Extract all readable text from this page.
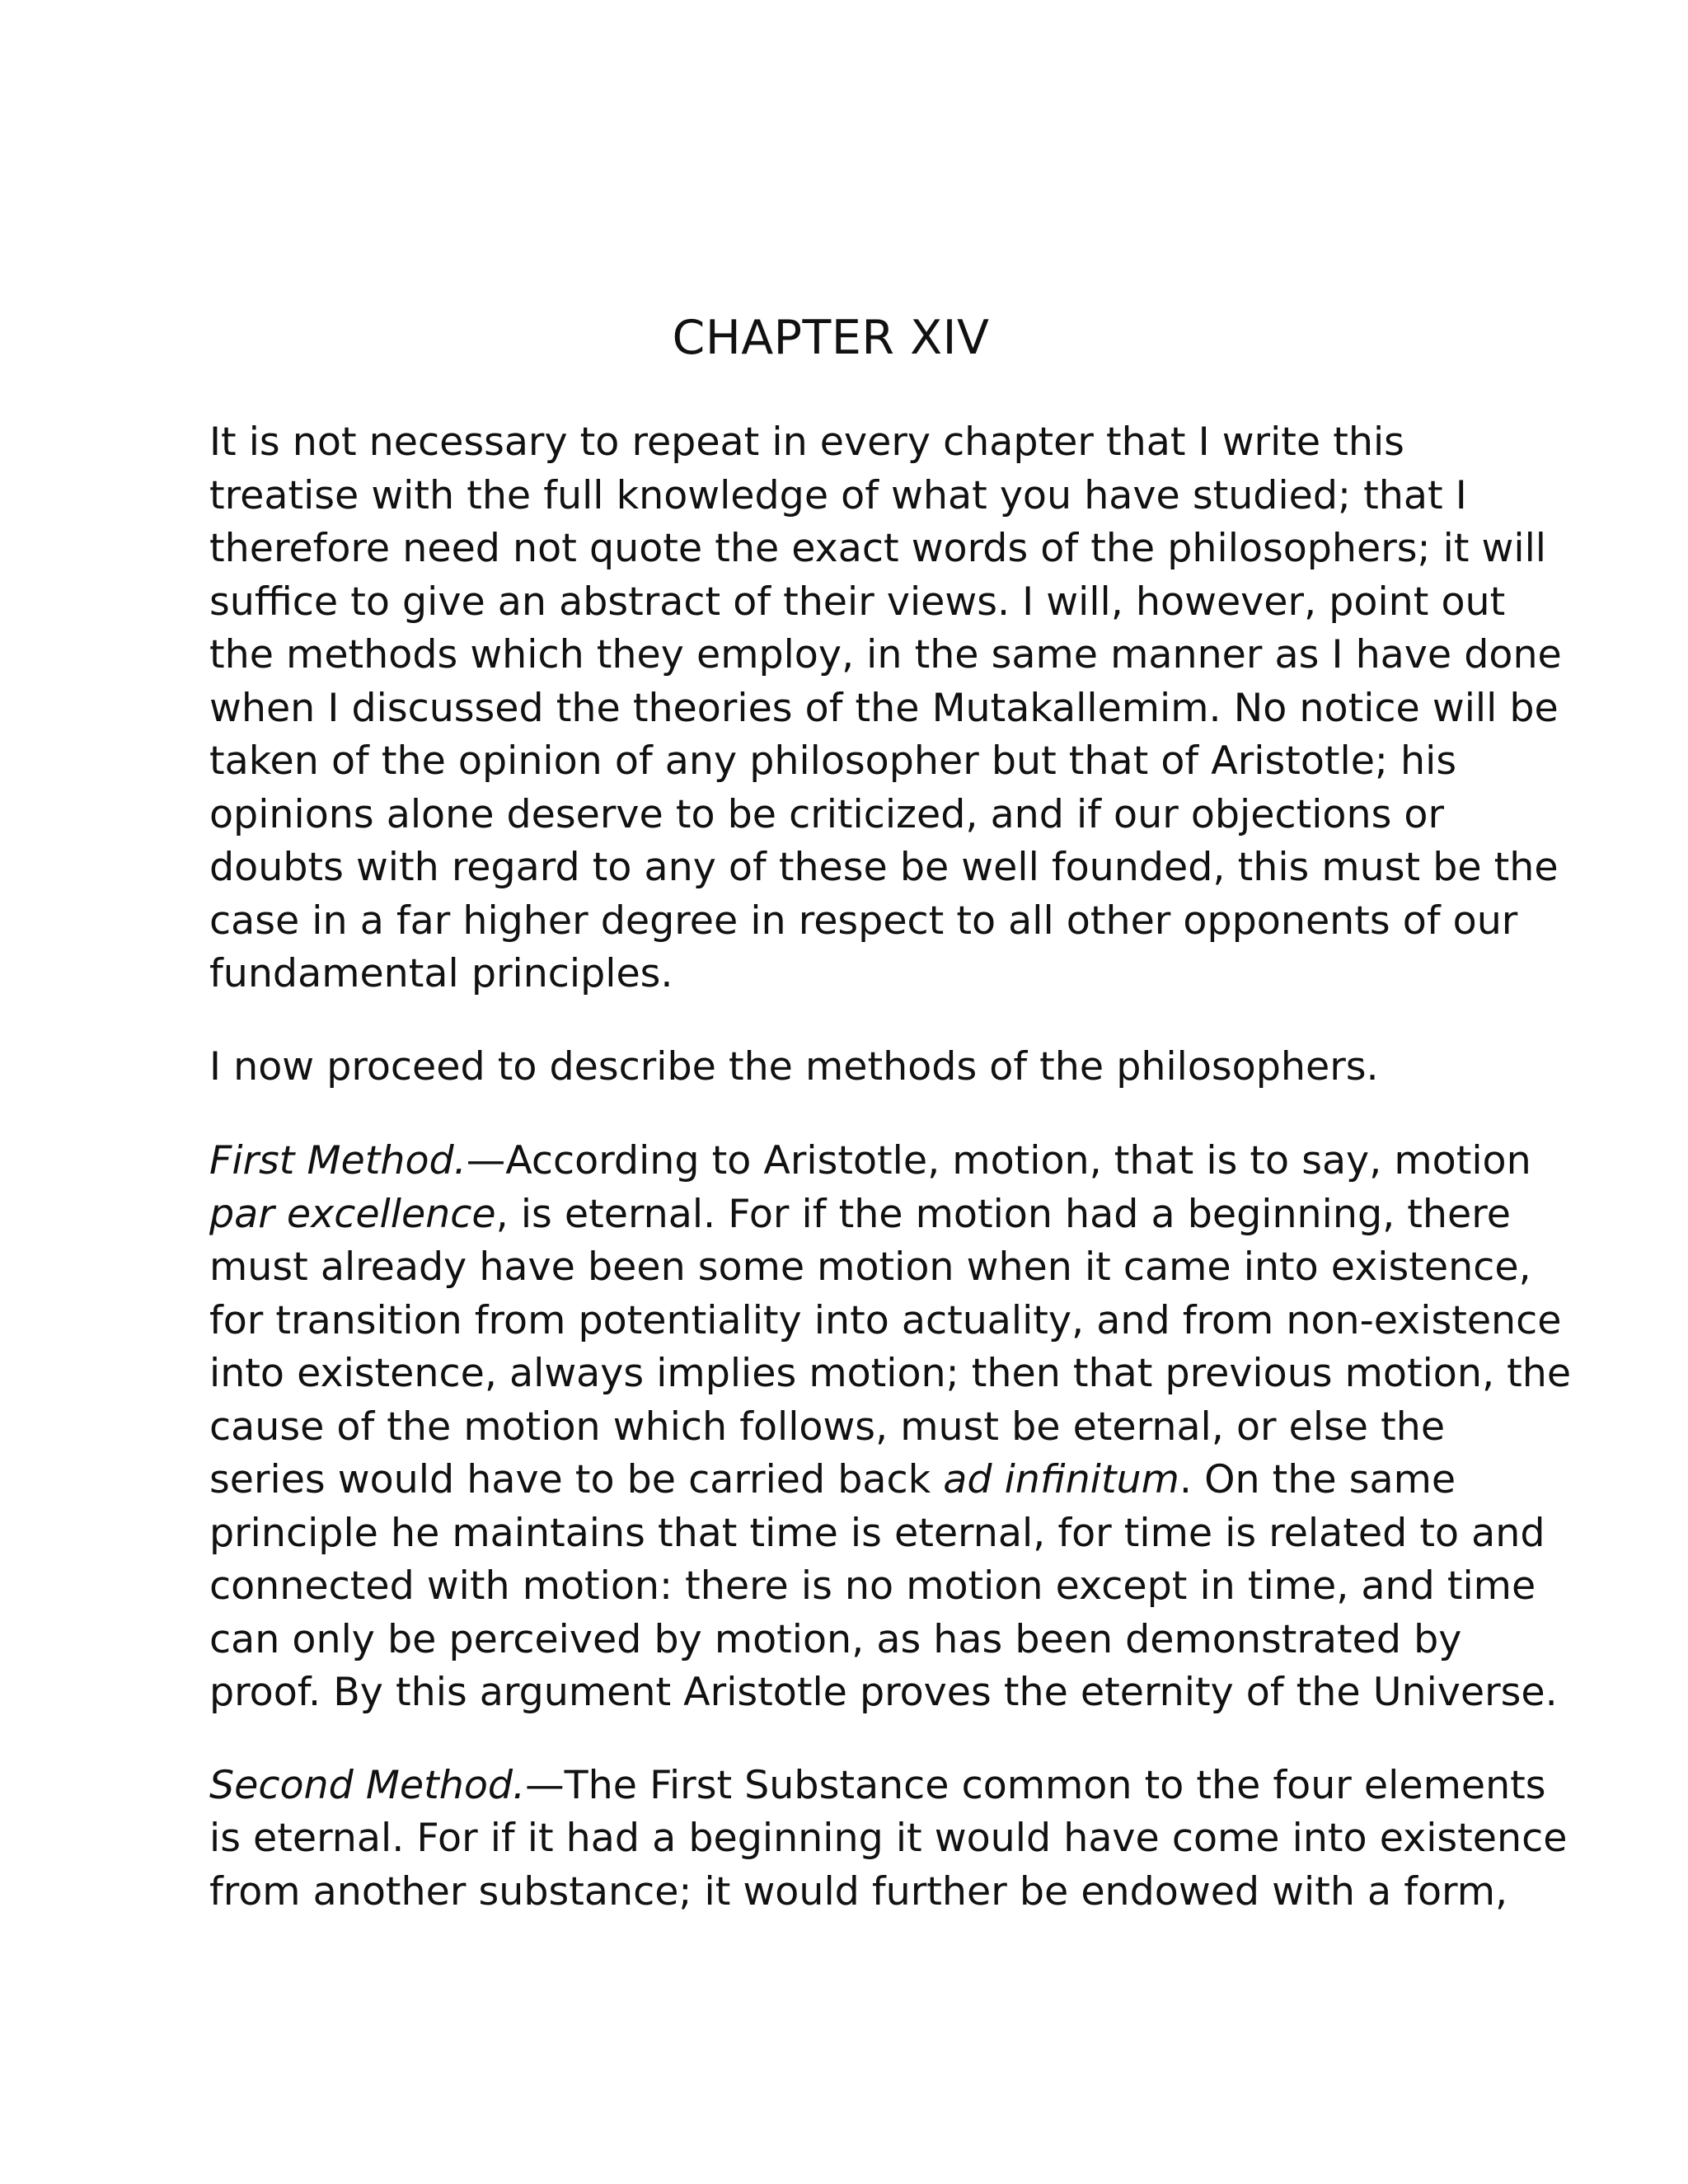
CHAPTER XIV

It is not necessary to repeat in every chapter that I write this
treatise with the full knowledge of what you have studied; that I
therefore need not quote the exact words of the philosophers; it will
suffice to give an abstract of their views. I will, however, point out
the methods which they employ, in the same manner as I have done
when I discussed the theories of the Mutakallemim. No notice will be
taken of the opinion of any philosopher but that of Aristotle; his
opinions alone deserve to be criticized, and if our objections or
doubts with regard to any of these be well founded, this must be the
case in a far higher degree in respect to all other opponents of our
fundamental principles.

I now proceed to describe the methods of the philosophers.

First Method.—According to Aristotle, motion, that is to say, motion
par excellence, is eternal. For if the motion had a beginning, there
must already have been some motion when it came into existence,
for transition from potentiality into actuality, and from non-existence
into existence, always implies motion; then that previous motion, the
cause of the motion which follows, must be eternal, or else the
series would have to be carried back ad infinitum. On the same
principle he maintains that time is eternal, for time is related to and
connected with motion: there is no motion except in time, and time
can only be perceived by motion, as has been demonstrated by
proof. By this argument Aristotle proves the eternity of the Universe.

Second Method.—The First Substance common to the four elements
is eternal. For if it had a beginning it would have come into existence
from another substance; it would further be endowed with a form,
